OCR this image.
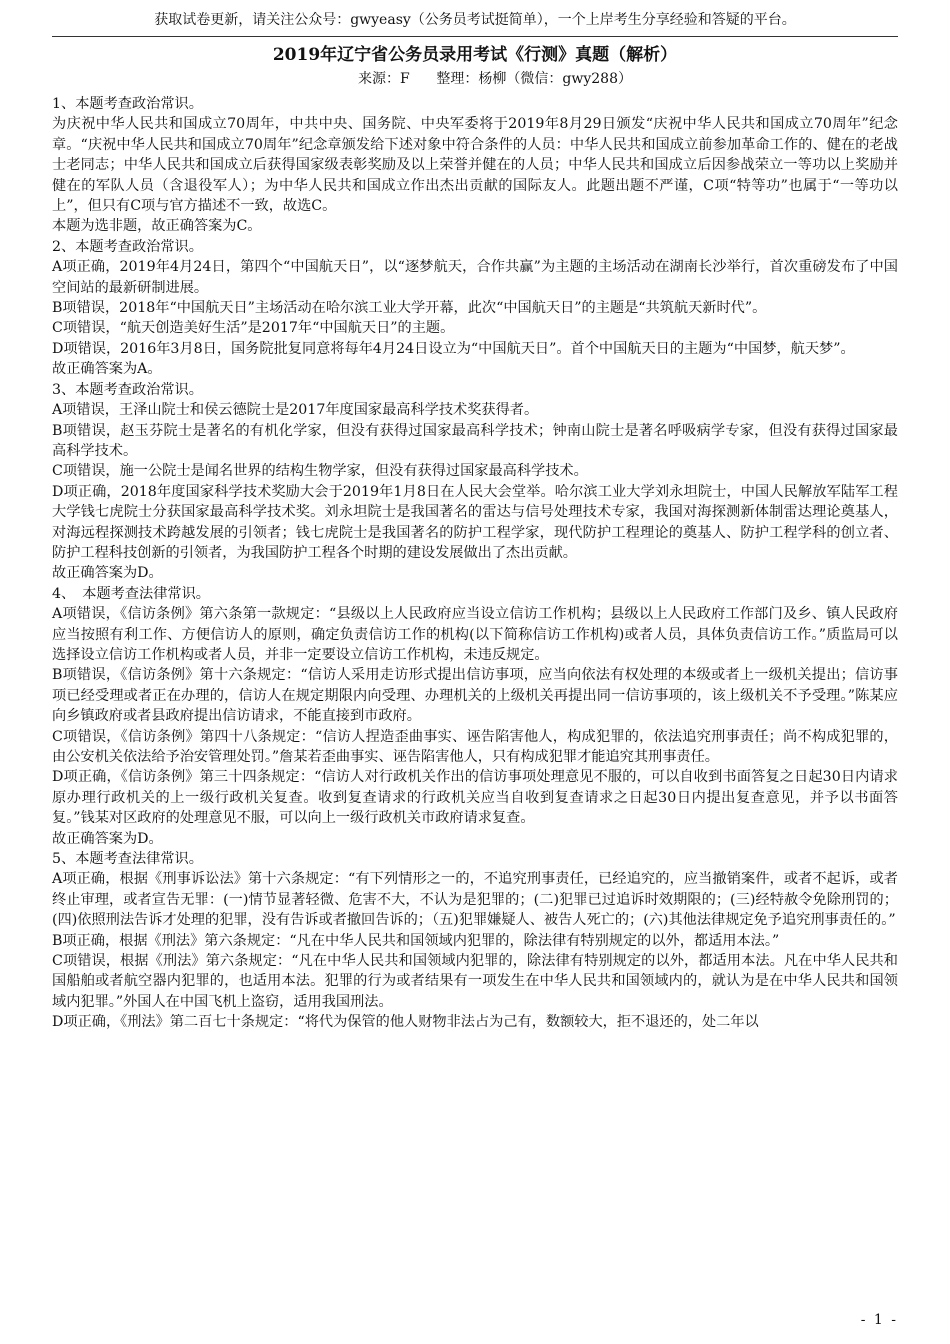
获取试卷更新，请关注公众号：gwyeasy（公务员考试挺简单），一个上岸考生分享经验和答疑的平台。
2019年辽宁省公务员录用考试《行测》真题（解析）
来源：F      整理：杨柳（微信：gwy288）

1、本题考查政治常识。

为庆祝中华人民共和国成立70周年，中共中央、国务院、中央军委将于2019年8月29日颁发“庆祝中华人民共和国成立70周年”纪念章。“庆祝中华人民共和国成立70周年”纪念章颁发给下述对象中符合条件的人员：中华人民共和国成立前参加革命工作的、健在的老战士老同志；中华人民共和国成立后获得国家级表彰奖励及以上荣誉并健在的人员；中华人民共和国成立后因参战荣立一等功以上奖励并健在的军队人员（含退役军人）；为中华人民共和国成立作出杰出贡献的国际友人。此题出题不严谨，C项“特等功”也属于“一等功以上”，但只有C项与官方描述不一致，故选C。

本题为选非题，故正确答案为C。

2、本题考查政治常识。

A项正确，2019年4月24日，第四个“中国航天日”，以“逐梦航天，合作共赢”为主题的主场活动在湖南长沙举行，首次重磅发布了中国空间站的最新研制进展。

B项错误，2018年“中国航天日”主场活动在哈尔滨工业大学开幕，此次“中国航天日”的主题是“共筑航天新时代”。

C项错误，“航天创造美好生活”是2017年“中国航天日”的主题。

D项错误，2016年3月8日，国务院批复同意将每年4月24日设立为“中国航天日”。首个中国航天日的主题为“中国梦，航天梦”。

故正确答案为A。

3、本题考查政治常识。

A项错误，王泽山院士和侯云德院士是2017年度国家最高科学技术奖获得者。

B项错误，赵玉芬院士是著名的有机化学家，但没有获得过国家最高科学技术；钟南山院士是著名呼吸病学专家，但没有获得过国家最高科学技术。

C项错误，施一公院士是闻名世界的结构生物学家，但没有获得过国家最高科学技术。

D项正确，2018年度国家科学技术奖励大会于2019年1月8日在人民大会堂举。哈尔滨工业大学刘永坦院士，中国人民解放军陆军工程大学钱七虎院士分获国家最高科学技术奖。刘永坦院士是我国著名的雷达与信号处理技术专家，我国对海探测新体制雷达理论奠基人，对海远程探测技术跨越发展的引领者；钱七虎院士是我国著名的防护工程学家，现代防护工程理论的奠基人、防护工程学科的创立者、防护工程科技创新的引领者，为我国防护工程各个时期的建设发展做出了杰出贡献。

故正确答案为D。

4、　本题考查法律常识。

A项错误，《信访条例》第六条第一款规定：“县级以上人民政府应当设立信访工作机构；县级以上人民政府工作部门及乡、镇人民政府应当按照有利工作、方便信访人的原则，确定负责信访工作的机构(以下简称信访工作机构)或者人员，具体负责信访工作。”质监局可以选择设立信访工作机构或者人员，并非一定要设立信访工作机构，未违反规定。

B项错误，《信访条例》第十六条规定：“信访人采用走访形式提出信访事项，应当向依法有权处理的本级或者上一级机关提出；信访事项已经受理或者正在办理的，信访人在规定期限内向受理、办理机关的上级机关再提出同一信访事项的，该上级机关不予受理。”陈某应向乡镇政府或者县政府提出信访请求，不能直接到市政府。

C项错误，《信访条例》第四十八条规定：“信访人捏造歪曲事实、诬告陷害他人，构成犯罪的，依法追究刑事责任；尚不构成犯罪的，由公安机关依法给予治安管理处罚。”詹某若歪曲事实、诬告陷害他人，只有构成犯罪才能追究其刑事责任。

D项正确，《信访条例》第三十四条规定：“信访人对行政机关作出的信访事项处理意见不服的，可以自收到书面答复之日起30日内请求原办理行政机关的上一级行政机关复查。收到复查请求的行政机关应当自收到复查请求之日起30日内提出复查意见，并予以书面答复。”钱某对区政府的处理意见不服，可以向上一级行政机关市政府请求复查。

故正确答案为D。

5、本题考查法律常识。

A项正确，根据《刑事诉讼法》第十六条规定：“有下列情形之一的，不追究刑事责任，已经追究的，应当撤销案件，或者不起诉，或者终止审理，或者宣告无罪：(一)情节显著轻微、危害不大，不认为是犯罪的；(二)犯罪已过追诉时效期限的；(三)经特赦令免除刑罚的；(四)依照刑法告诉才处理的犯罪，没有告诉或者撤回告诉的；（五)犯罪嫌疑人、被告人死亡的；(六)其他法律规定免予追究刑事责任的。”

B项正确，根据《刑法》第六条规定：“凡在中华人民共和国领域内犯罪的，除法律有特别规定的以外，都适用本法。”

C项错误，根据《刑法》第六条规定：“凡在中华人民共和国领域内犯罪的，除法律有特别规定的以外，都适用本法。凡在中华人民共和国船舶或者航空器内犯罪的，也适用本法。犯罪的行为或者结果有一项发生在中华人民共和国领域内的，就认为是在中华人民共和国领域内犯罪。”外国人在中国飞机上盗窃，适用我国刑法。

D项正确，《刑法》第二百七十条规定：“将代为保管的他人财物非法占为己有，数额较大，拒不退还的，处二年以

- 1 -
